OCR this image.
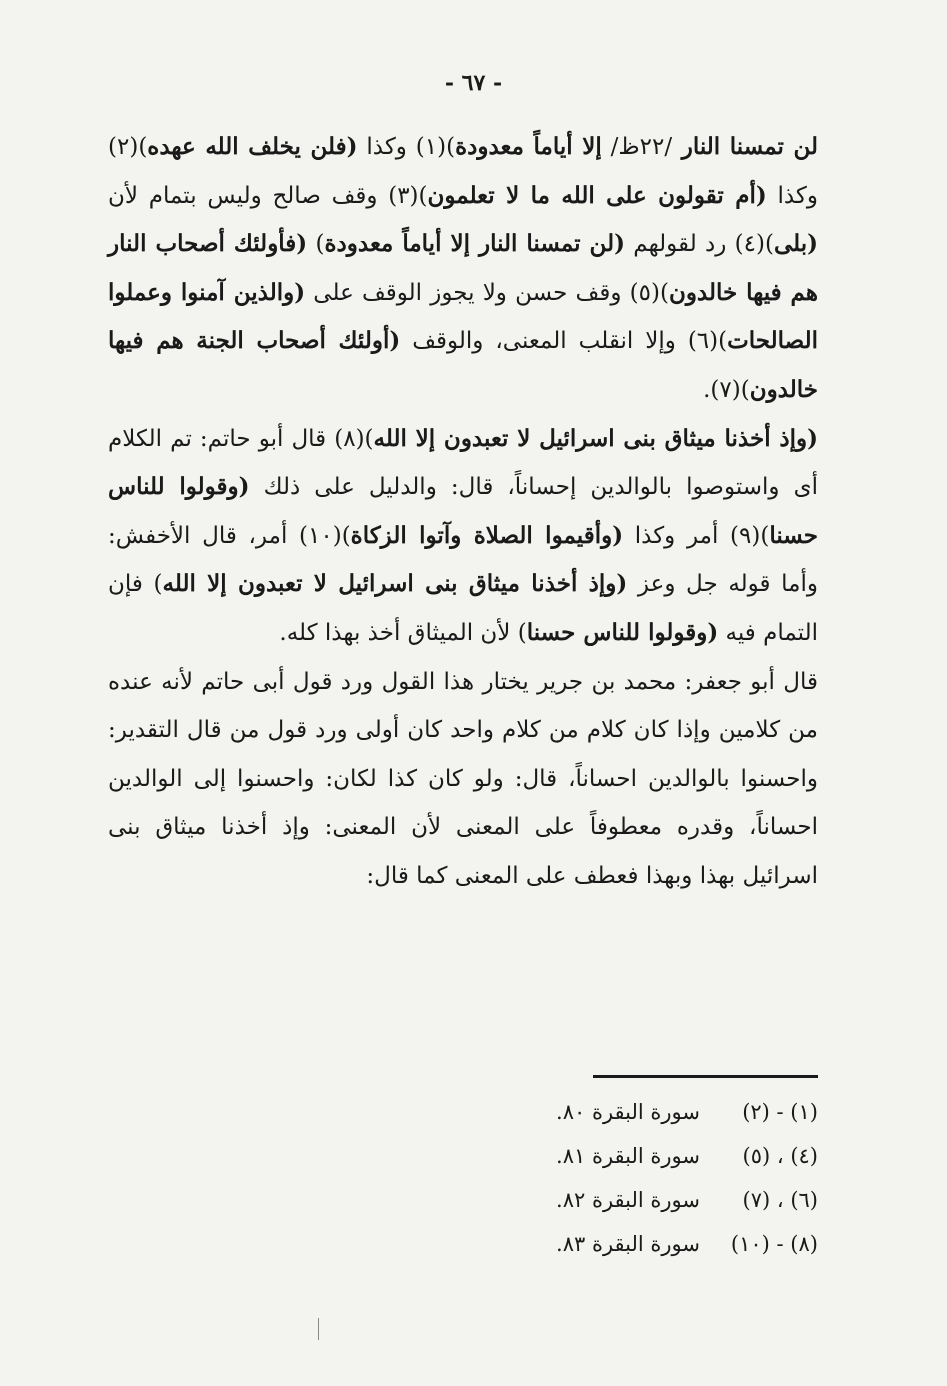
- ٦٧ -

لن تمسنا النار /٢٢ظ/ إلا أياماً معدودة)(١) وكذا (فلن يخلف الله عهده)(٢) وكذا (أم تقولون على الله ما لا تعلمون)(٣) وقف صالح وليس بتمام لأن (بلى)(٤) رد لقولهم (لن تمسنا النار إلا أياماً معدودة) (فأولئك أصحاب النار هم فيها خالدون)(٥) وقف حسن ولا يجوز الوقف على (والذين آمنوا وعملوا الصالحات)(٦) وإلا انقلب المعنى، والوقف (أولئك أصحاب الجنة هم فيها خالدون)(٧).

(وإذ أخذنا ميثاق بنى اسرائيل لا تعبدون إلا الله)(٨) قال أبو حاتم: تم الكلام أى واستوصوا بالوالدين إحساناً، قال: والدليل على ذلك (وقولوا للناس حسنا)(٩) أمر وكذا (وأقيموا الصلاة وآتوا الزكاة)(١٠) أمر، قال الأخفش: وأما قوله جل وعز (وإذ أخذنا ميثاق بنى اسرائيل لا تعبدون إلا الله) فإن التمام فيه (وقولوا للناس حسنا) لأن الميثاق أخذ بهذا كله.

قال أبو جعفر: محمد بن جرير يختار هذا القول ورد قول أبى حاتم لأنه عنده من كلامين وإذا كان كلام من كلام واحد كان أولى ورد قول من قال التقدير: واحسنوا بالوالدين احساناً، قال: ولو كان كذا لكان: واحسنوا إلى الوالدين احساناً، وقدره معطوفاً على المعنى لأن المعنى: وإذ أخذنا ميثاق بنى اسرائيل بهذا وبهذا فعطف على المعنى كما قال:

(١) - (٢)
سورة البقرة ٨٠.
(٤) ، (٥)
سورة البقرة ٨١.
(٦) ، (٧)
سورة البقرة ٨٢.
(٨) - (١٠)
سورة البقرة ٨٣.
